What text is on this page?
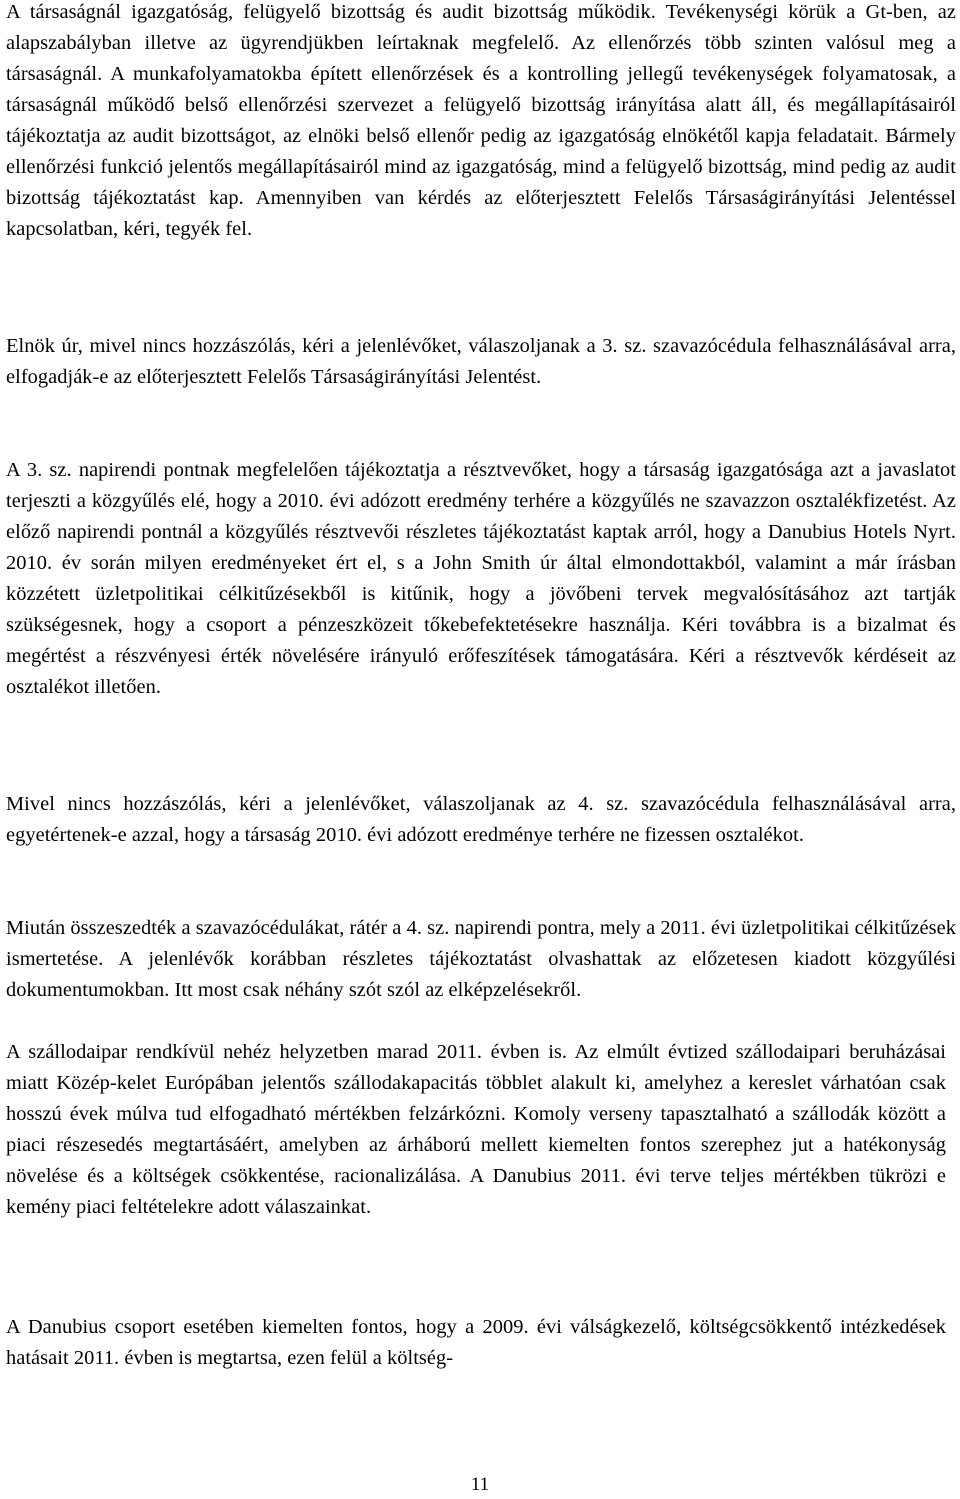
A társaságnál igazgatóság, felügyelő bizottság és audit bizottság működik. Tevékenységi körük a Gt-ben, az alapszabályban illetve az ügyrendjükben leírtaknak megfelelő. Az ellenőrzés több szinten valósul meg a társaságnál. A munkafolyamatokba épített ellenőrzések és a kontrolling jellegű tevékenységek folyamatosak, a társaságnál működő belső ellenőrzési szervezet a felügyelő bizottság irányítása alatt áll, és megállapításairól tájékoztatja az audit bizottságot, az elnöki belső ellenőr pedig az igazgatóság elnökétől kapja feladatait. Bármely ellenőrzési funkció jelentős megállapításairól mind az igazgatóság, mind a felügyelő bizottság, mind pedig az audit bizottság tájékoztatást kap. Amennyiben van kérdés az előterjesztett Felelős Társaságirányítási Jelentéssel kapcsolatban, kéri, tegyék fel.

Elnök úr, mivel nincs hozzászólás, kéri a jelenlévőket, válaszoljanak a 3. sz. szavazócédula felhasználásával arra, elfogadják-e az előterjesztett Felelős Társaságirányítási Jelentést.

A 3. sz. napirendi pontnak megfelelően tájékoztatja a résztvevőket, hogy a társaság igazgatósága azt a javaslatot terjeszti a közgyűlés elé, hogy a 2010. évi adózott eredmény terhére a közgyűlés ne szavazzon osztalékfizetést. Az előző napirendi pontnál a közgyűlés résztvevői részletes tájékoztatást kaptak arról, hogy a Danubius Hotels Nyrt. 2010. év során milyen eredményeket ért el, s a John Smith úr által elmondottakból, valamint a már írásban közzétett üzletpolitikai célkitűzésekből is kitűnik, hogy a jövőbeni tervek megvalósításához azt tartják szükségesnek, hogy a csoport a pénzeszközeit tőkebefektetésekre használja. Kéri továbbra is a bizalmat és megértést a részvényesi érték növelésére irányuló erőfeszítések támogatására. Kéri a résztvevők kérdéseit az osztalékot illetően.

Mivel nincs hozzászólás, kéri a jelenlévőket, válaszoljanak az 4. sz. szavazócédula felhasználásával arra, egyetértenek-e azzal, hogy a társaság 2010. évi adózott eredménye terhére ne fizessen osztalékot.

Miután összeszedték a szavazócédulákat, rátér a 4. sz. napirendi pontra, mely a 2011. évi üzletpolitikai célkitűzések ismertetése. A jelenlévők korábban részletes tájékoztatást olvashattak az előzetesen kiadott közgyűlési dokumentumokban. Itt most csak néhány szót szól az elképzelésekről.

A szállodaipar rendkívül nehéz helyzetben marad 2011. évben is. Az elmúlt évtized szállodaipari beruházásai miatt Közép-kelet Európában jelentős szállodakapacitás többlet alakult ki, amelyhez a kereslet várhatóan csak hosszú évek múlva tud elfogadható mértékben felzárkózni. Komoly verseny tapasztalható a szállodák között a piaci részesedés megtartásáért, amelyben az árháború mellett kiemelten fontos szerephez jut a hatékonyság növelése és a költségek csökkentése, racionalizálása. A Danubius 2011. évi terve teljes mértékben tükrözi e kemény piaci feltételekre adott válaszainkat.

A Danubius csoport esetében kiemelten fontos, hogy a 2009. évi válságkezelő, költségcsökkentő intézkedések hatásait 2011. évben is megtartsa, ezen felül a költség-

11
